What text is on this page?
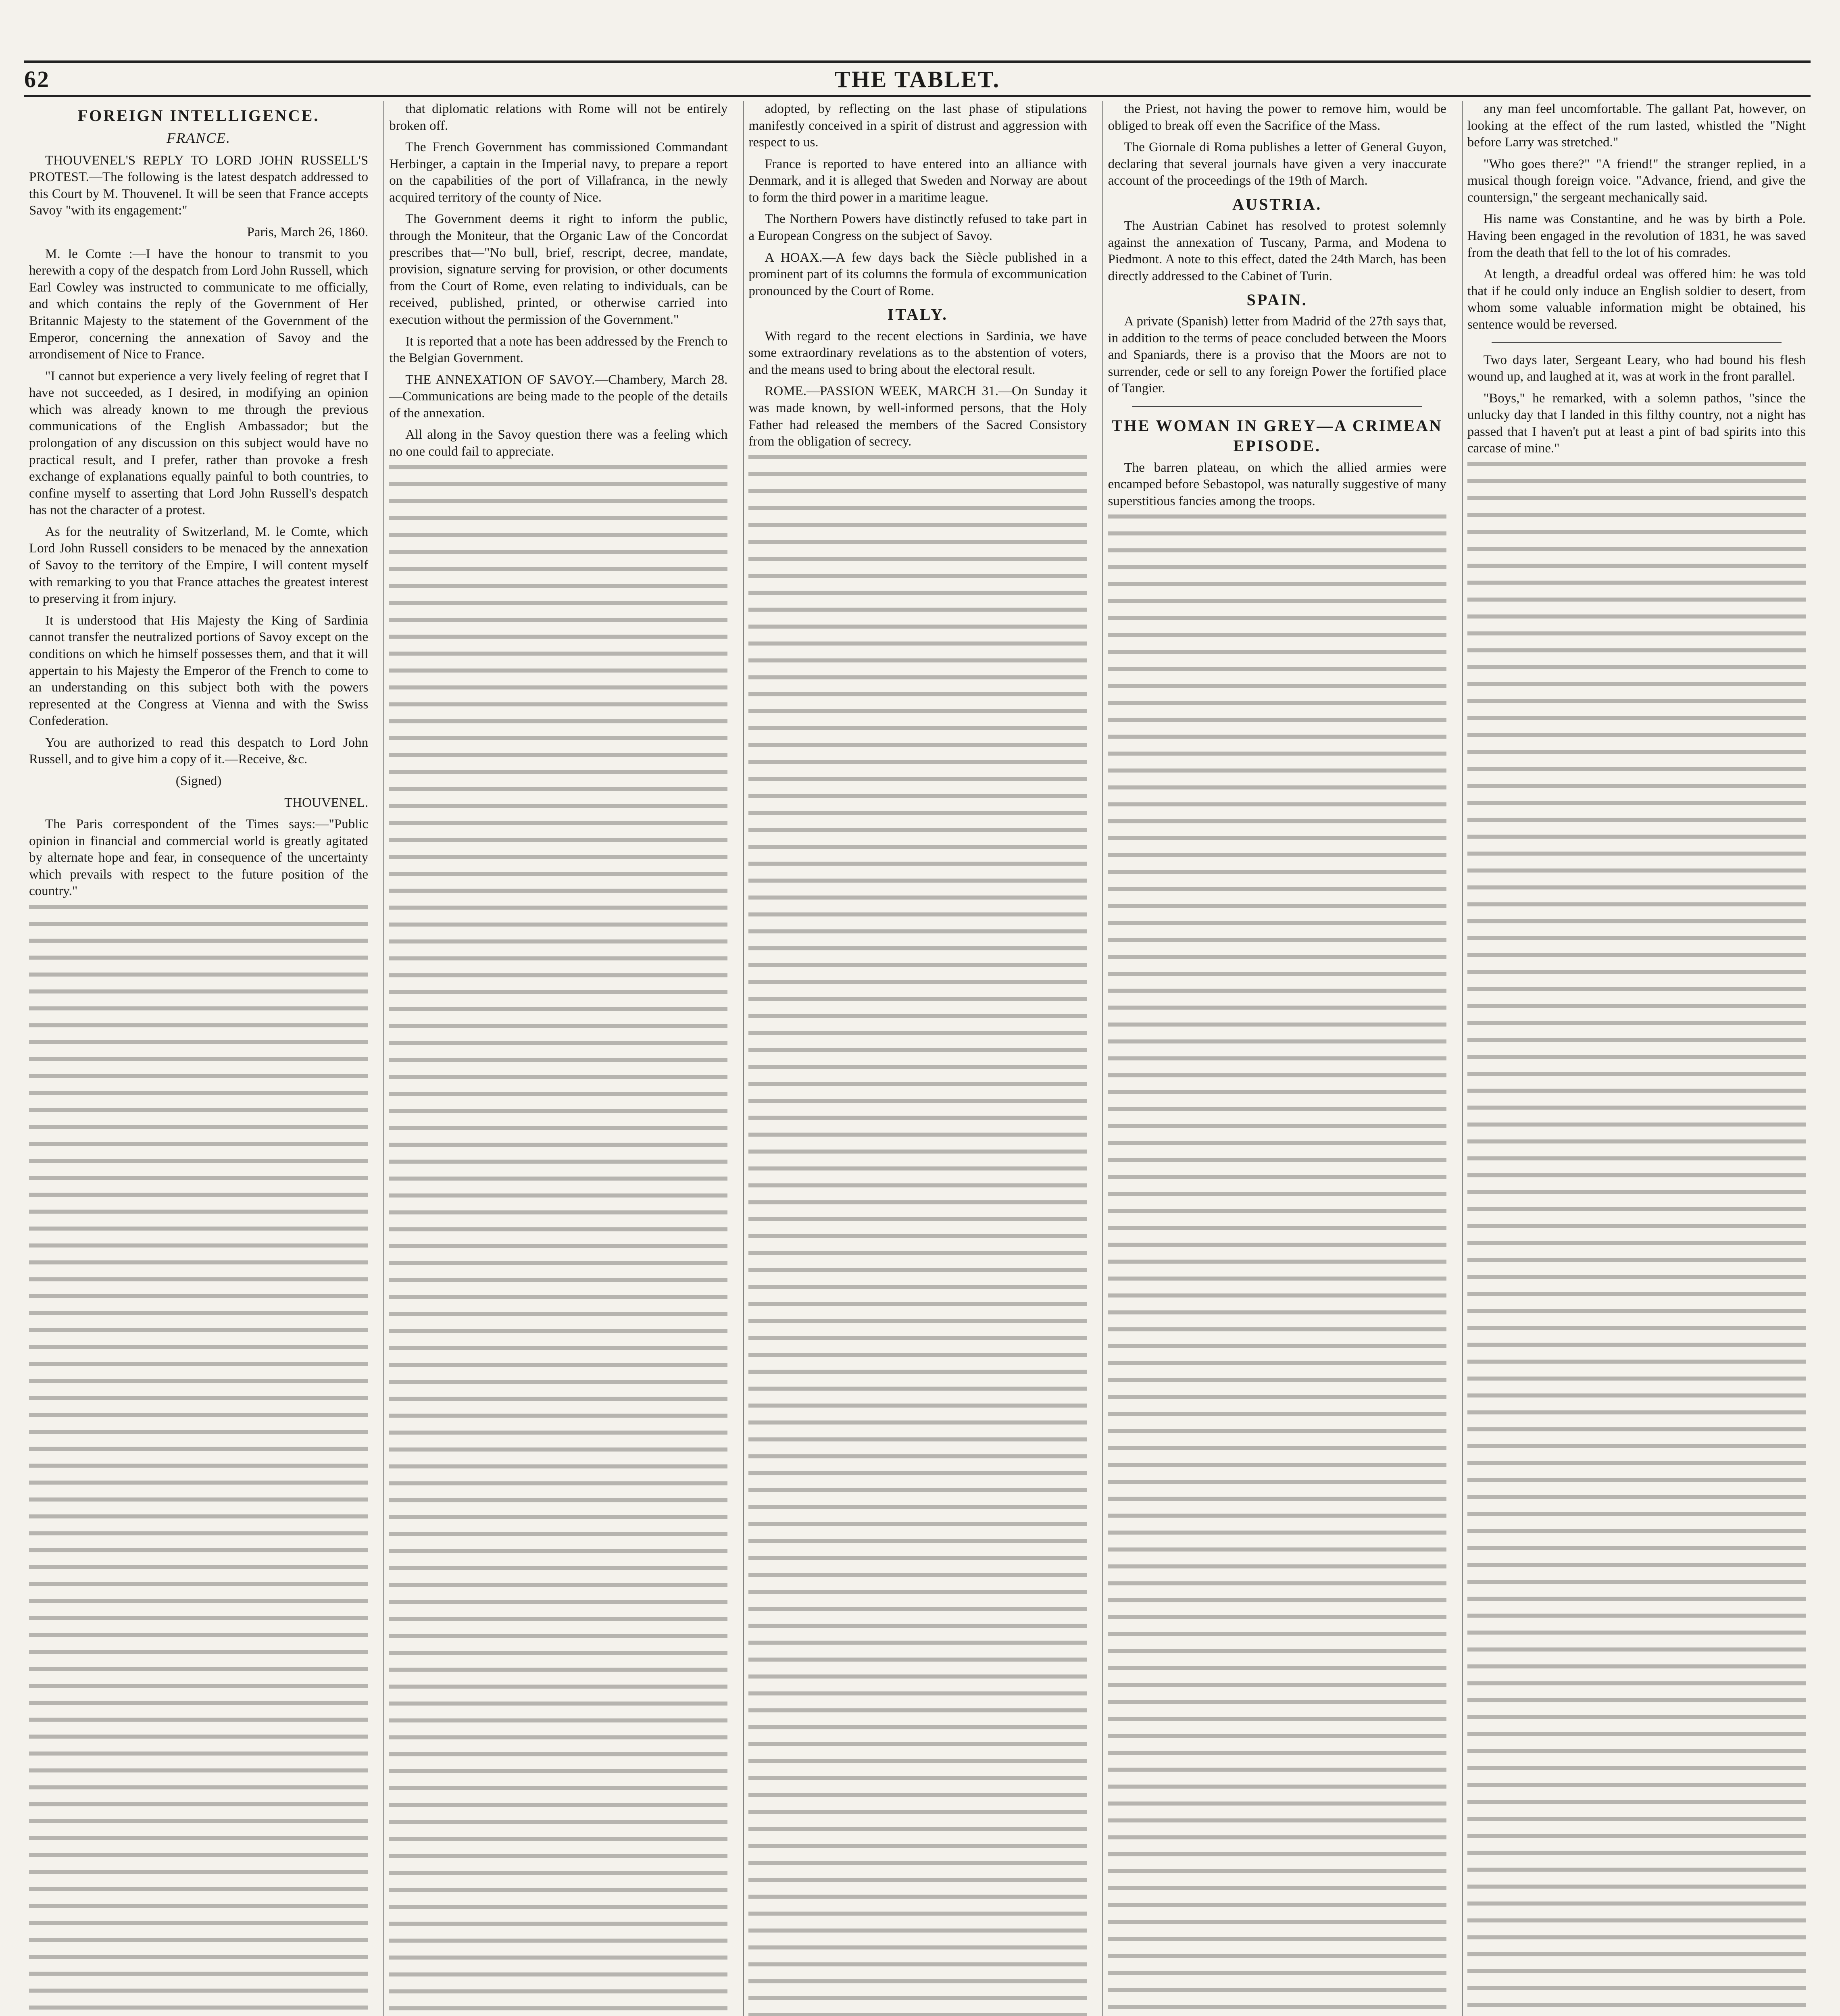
62	THE TABLET.
FOREIGN INTELLIGENCE.
FRANCE.

THOUVENEL'S REPLY TO LORD JOHN RUSSELL'S PROTEST.—The following is the latest despatch addressed to this Court by M. Thouvenel. It will be seen that France accepts Savoy "with its engagement:"

Paris, March 26, 1860.

M. le Comte :—I have the honour to transmit to you herewith a copy of the despatch from Lord John Russell, which Earl Cowley was instructed to communicate to me officially, and which contains the reply of the Government of Her Britannic Majesty to the statement of the Government of the Emperor, concerning the annexation of Savoy and the arrondisement of Nice to France.

"I cannot but experience a very lively feeling of regret that I have not succeeded, as I desired, in modifying an opinion which was already known to me through the previous communications of the English Ambassador; but the prolongation of any discussion on this subject would have no practical result, and I prefer, rather than provoke a fresh exchange of explanations equally painful to both countries, to confine myself to asserting that Lord John Russell's despatch has not the character of a protest.

As for the neutrality of Switzerland, M. le Comte, which Lord John Russell considers to be menaced by the annexation of Savoy to the territory of the Empire, I will content myself with remarking to you that France attaches the greatest interest to preserving it from injury.

It is understood that His Majesty the King of Sardinia cannot transfer the neutralized portions of Savoy except on the conditions on which he himself possesses them, and that it will appertain to his Majesty the Emperor of the French to come to an understanding on this subject both with the powers represented at the Congress at Vienna and with the Swiss Confederation.

You are authorized to read this despatch to Lord John Russell, and to give him a copy of it.—Receive, &c.

(Signed)

THOUVENEL.

The Paris correspondent of the Times says:—"Public opinion in financial and commercial world is greatly agitated by alternate hope and fear, in consequence of the uncertainty which prevails with respect to the future position of the country."

that diplomatic relations with Rome will not be entirely broken off.

The French Government has commissioned Commandant Herbinger, a captain in the Imperial navy, to prepare a report on the capabilities of the port of Villafranca, in the newly acquired territory of the county of Nice.

The Government deems it right to inform the public, through the Moniteur, that the Organic Law of the Concordat prescribes that—"No bull, brief, rescript, decree, mandate, provision, signature serving for provision, or other documents from the Court of Rome, even relating to individuals, can be received, published, printed, or otherwise carried into execution without the permission of the Government."

It is reported that a note has been addressed by the French to the Belgian Government.

THE ANNEXATION OF SAVOY.—Chambery, March 28.—Communications are being made to the people of the details of the annexation.

All along in the Savoy question there was a feeling which no one could fail to appreciate.

adopted, by reflecting on the last phase of stipulations manifestly conceived in a spirit of distrust and aggression with respect to us.

France is reported to have entered into an alliance with Denmark, and it is alleged that Sweden and Norway are about to form the third power in a maritime league.

The Northern Powers have distinctly refused to take part in a European Congress on the subject of Savoy.

A HOAX.—A few days back the Siècle published in a prominent part of its columns the formula of excommunication pronounced by the Court of Rome.

ITALY.

With regard to the recent elections in Sardinia, we have some extraordinary revelations as to the abstention of voters, and the means used to bring about the electoral result.

ROME.—PASSION WEEK, MARCH 31.—On Sunday it was made known, by well-informed persons, that the Holy Father had released the members of the Sacred Consistory from the obligation of secrecy.

the Priest, not having the power to remove him, would be obliged to break off even the Sacrifice of the Mass.

The Giornale di Roma publishes a letter of General Guyon, declaring that several journals have given a very inaccurate account of the proceedings of the 19th of March.

AUSTRIA.

The Austrian Cabinet has resolved to protest solemnly against the annexation of Tuscany, Parma, and Modena to Piedmont. A note to this effect, dated the 24th March, has been directly addressed to the Cabinet of Turin.

SPAIN.

A private (Spanish) letter from Madrid of the 27th says that, in addition to the terms of peace concluded between the Moors and Spaniards, there is a proviso that the Moors are not to surrender, cede or sell to any foreign Power the fortified place of Tangier.

THE WOMAN IN GREY—A CRIMEAN EPISODE.

The barren plateau, on which the allied armies were encamped before Sebastopol, was naturally suggestive of many superstitious fancies among the troops.

any man feel uncomfortable. The gallant Pat, however, on looking at the effect of the rum lasted, whistled the "Night before Larry was stretched."

"Who goes there?" "A friend!" the stranger replied, in a musical though foreign voice. "Advance, friend, and give the countersign," the sergeant mechanically said.

His name was Constantine, and he was by birth a Pole. Having been engaged in the revolution of 1831, he was saved from the death that fell to the lot of his comrades.

At length, a dreadful ordeal was offered him: he was told that if he could only induce an English soldier to desert, from whom some valuable information might be obtained, his sentence would be reversed.

Two days later, Sergeant Leary, who had bound his flesh wound up, and laughed at it, was at work in the front parallel.

"Boys," he remarked, with a solemn pathos, "since the unlucky day that I landed in this filthy country, not a night has passed that I haven't put at least a pint of bad spirits into this carcase of mine."
